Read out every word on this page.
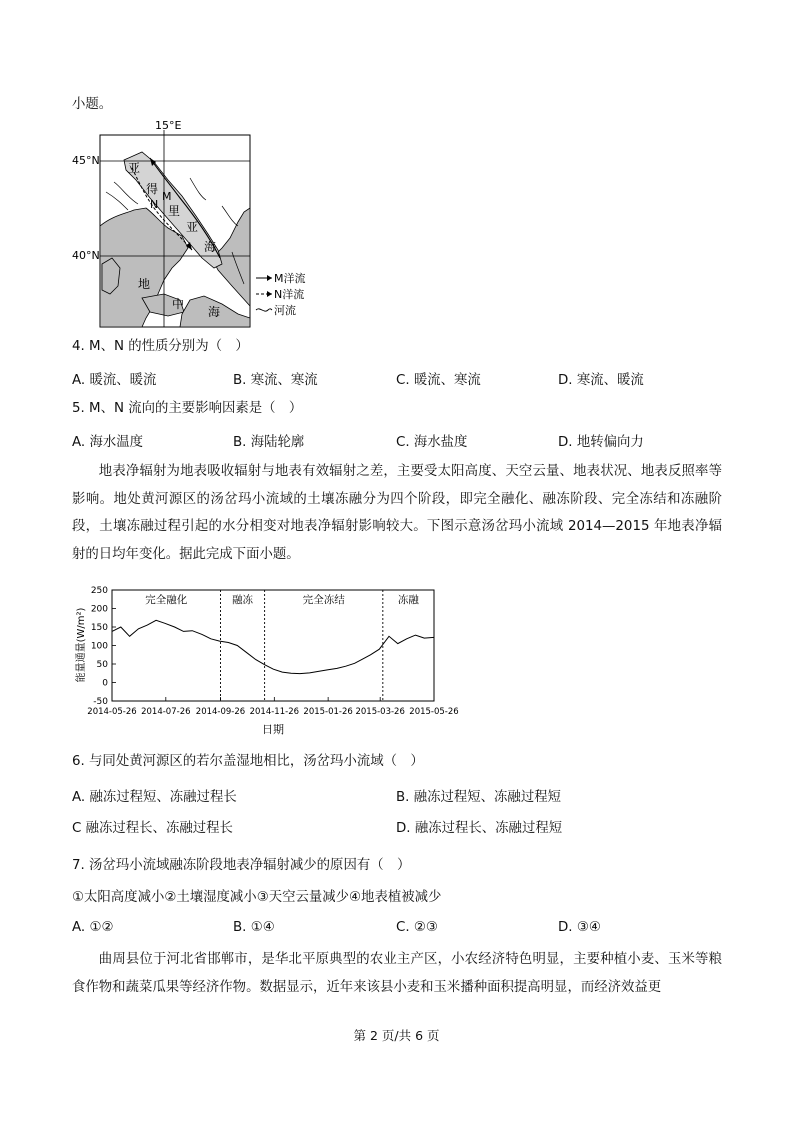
小题。
15°E
45°N
40°N
亚
得
里
亚
海
M
N
地
中
海
M洋流
N洋流
河流
4. M、N 的性质分别为（　）
A. 暖流、暖流	B. 寒流、寒流	C. 暖流、寒流	D. 寒流、暖流
5. M、N 流向的主要影响因素是（　）
A. 海水温度	B. 海陆轮廓	C. 海水盐度	D. 地转偏向力
地表净辐射为地表吸收辐射与地表有效辐射之差，主要受太阳高度、天空云量、地表状况、地表反照率等影响。地处黄河源区的汤岔玛小流域的土壤冻融分为四个阶段，即完全融化、融冻阶段、完全冻结和冻融阶段，土壤冻融过程引起的水分相变对地表净辐射影响较大。下图示意汤岔玛小流域 2014—2015 年地表净辐射的日均年变化。据此完成下面小题。
250
200
150
100
50
0
-50
2014-05-26 2014-07-26 2014-09-26 2014-11-26 2015-01-26 2015-03-26 2015-05-26
完全融化	融冻	完全冻结	冻融
能量通量(W/m²)
日期
6. 与同处黄河源区的若尔盖湿地相比，汤岔玛小流域（　）
A. 融冻过程短、冻融过程长	B. 融冻过程短、冻融过程短
C 融冻过程长、冻融过程长	D. 融冻过程长、冻融过程短
7. 汤岔玛小流域融冻阶段地表净辐射减少的原因有（　）
①太阳高度减小②土壤湿度减小③天空云量减少④地表植被减少
A. ①②	B. ①④	C. ②③	D. ③④
曲周县位于河北省邯郸市，是华北平原典型的农业主产区，小农经济特色明显，主要种植小麦、玉米等粮食作物和蔬菜瓜果等经济作物。数据显示，近年来该县小麦和玉米播种面积提高明显，而经济效益更
第 2 页/共 6 页
